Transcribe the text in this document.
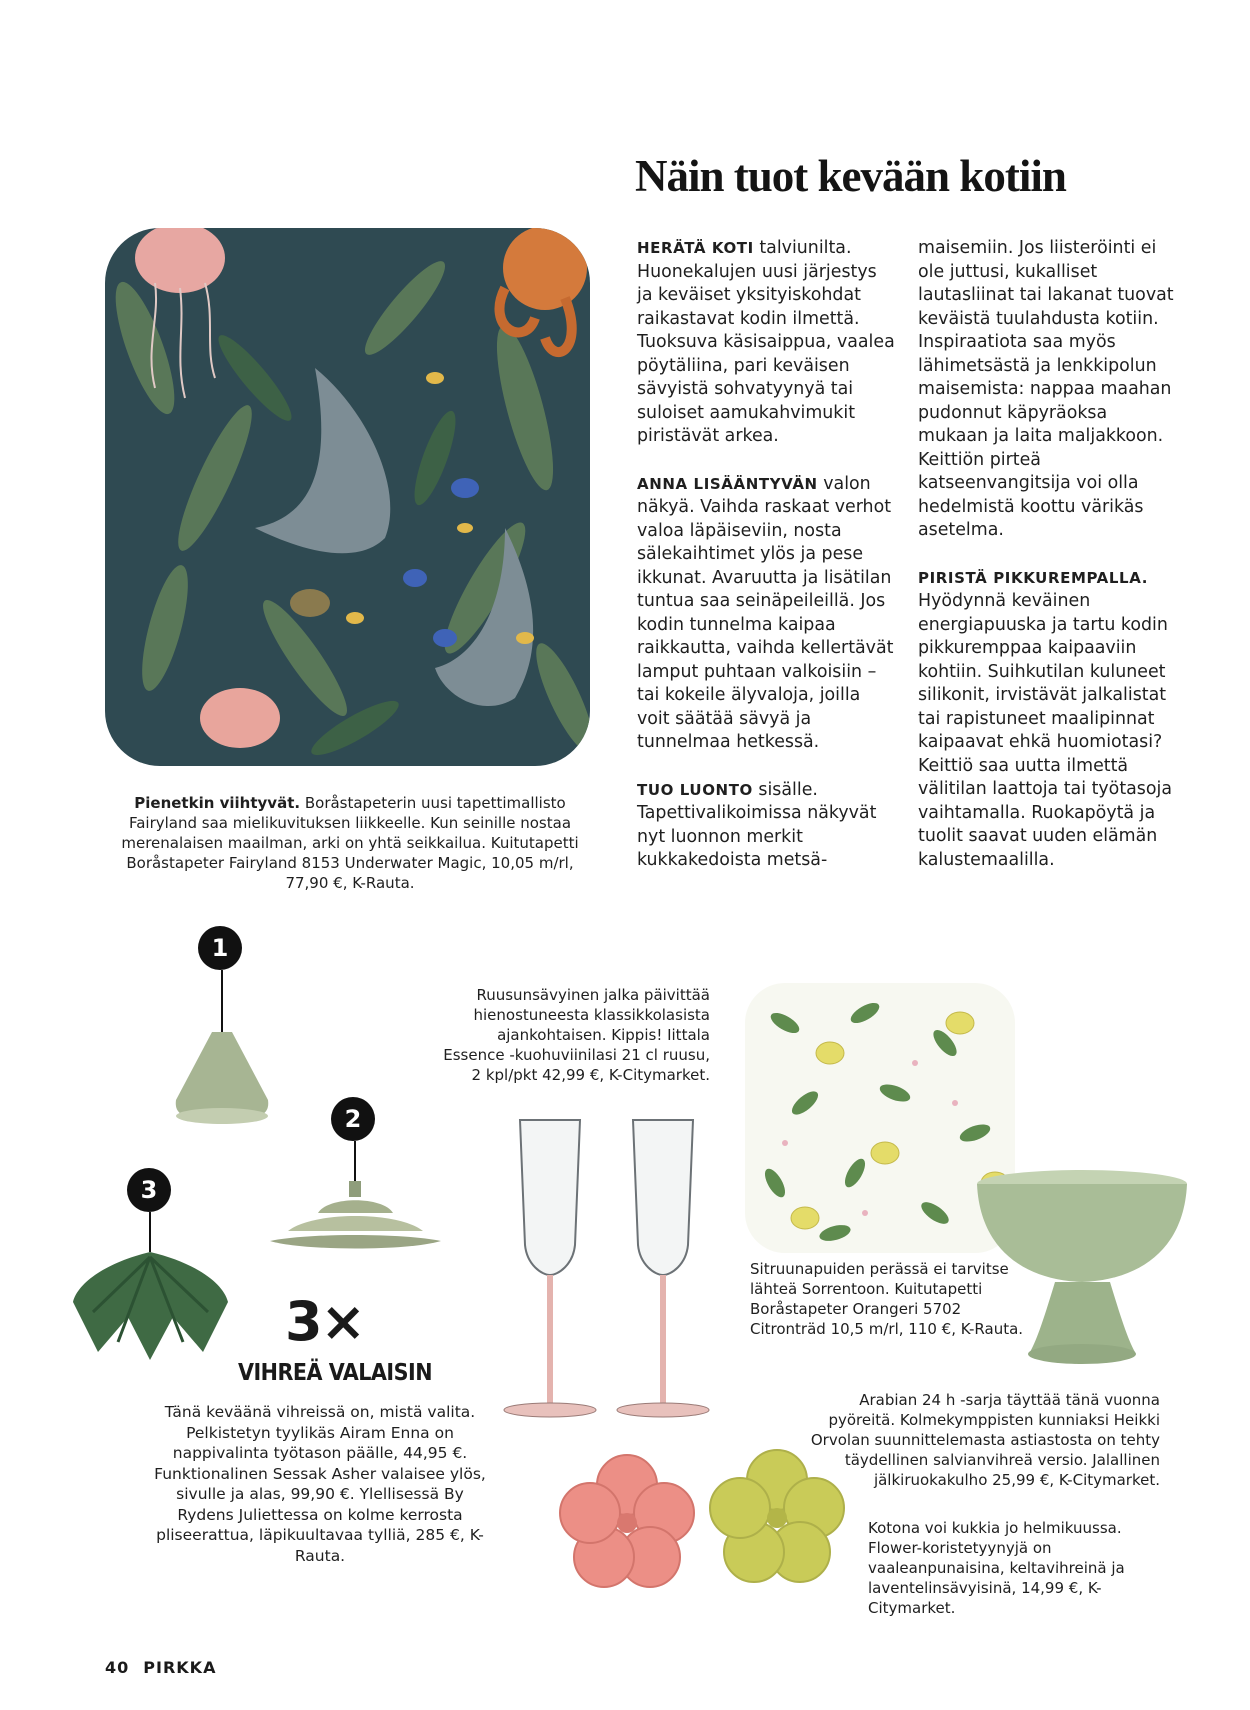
Näin tuot kevään kotiin

HERÄTÄ KOTI talviunilta. Huonekalujen uusi järjestys ja keväiset yksityiskohdat raikastavat kodin ilmettä. Tuoksuva käsisaippua, vaalea pöytäliina, pari keväisen sävyistä sohvatyynyä tai suloiset aamukahvimukit piristävät arkea.

ANNA LISÄÄNTYVÄN valon näkyä. Vaihda raskaat verhot valoa läpäiseviin, nosta sälekaihtimet ylös ja pese ikkunat. Avaruutta ja lisätilan tuntua saa seinäpeileillä. Jos kodin tunnelma kaipaa raikkautta, vaihda kellertävät lamput puhtaan valkoisiin – tai kokeile älyvaloja, joilla voit säätää sävyä ja tunnelmaa hetkessä.

TUO LUONTO sisälle. Tapettivalikoimissa näkyvät nyt luonnon merkit kukkakedoista metsä-

maisemiin. Jos liisteröinti ei ole juttusi, kukalliset lautasliinat tai lakanat tuovat keväistä tuulahdusta kotiin. Inspiraatiota saa myös lähimetsästä ja lenkkipolun maisemista: nappaa maahan pudonnut käpyräoksa mukaan ja laita maljakkoon. Keittiön pirteä katseenvangitsija voi olla hedelmistä koottu värikäs asetelma.

PIRISTÄ PIKKUREMPALLA. Hyödynnä keväinen energiapuuska ja tartu kodin pikkuremppaa kaipaaviin kohtiin. Suihkutilan kuluneet silikonit, irvistävät jalkalistat tai rapistuneet maalipinnat kaipaavat ehkä huomiotasi? Keittiö saa uutta ilmettä välitilan laattoja tai työtasoja vaihtamalla. Ruokapöytä ja tuolit saavat uuden elämän kalustemaalilla.

Pienetkin viihtyvät. Boråstapeterin uusi tapettimallisto Fairyland saa mielikuvituksen liikkeelle. Kun seinille nostaa merenalaisen maailman, arki on yhtä seikkailua. Kuitutapetti Boråstapeter Fairyland 8153 Underwater Magic, 10,05 m/rl, 77,90 €, K-Rauta.
1
2
3
3×
VIHREÄ VALAISIN
Tänä keväänä vihreissä on, mistä valita. Pelkistetyn tyylikäs Airam Enna on nappivalinta työtason päälle, 44,95 €. Funktionalinen Sessak Asher valaisee ylös, sivulle ja alas, 99,90 €. Ylellisessä By Rydens Juliettessa on kolme kerrosta pliseerattua, läpikuultavaa tylliä, 285 €, K-Rauta.
Ruusunsävyinen jalka päivittää hienostuneesta klassikkolasista ajankohtaisen. Kippis! Iittala Essence -kuohuviinilasi 21 cl ruusu, 2 kpl/pkt 42,99 €, K-Citymarket.
Sitruunapuiden perässä ei tarvitse lähteä Sorrentoon. Kuitutapetti Boråstapeter Orangeri 5702 Citronträd 10,5 m/rl, 110 €, K-Rauta.
Arabian 24 h -sarja täyttää tänä vuonna pyöreitä. Kolmekymppisten kunniaksi Heikki Orvolan suunnittelemasta astiastosta on tehty täydellinen salvianvihreä versio. Jalallinen jälkiruokakulho 25,99 €, K-Citymarket.
Kotona voi kukkia jo helmikuussa. Flower-koristetyynyjä on vaaleanpunaisina, keltavihreinä ja laventelinsävyisinä, 14,99 €, K-Citymarket.
40 PIRKKA
